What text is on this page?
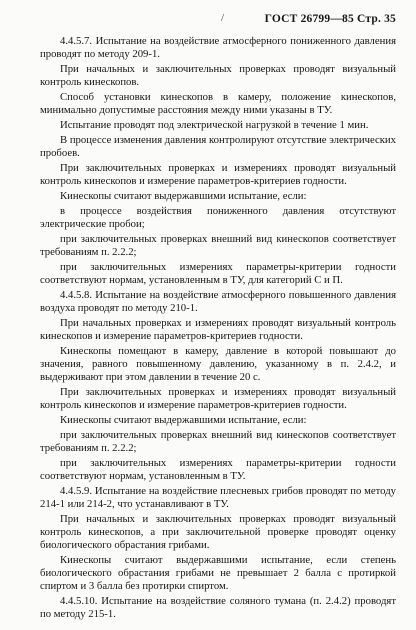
/	ГОСТ 26799—85 Стр. 35

4.4.5.7. Испытание на воздействие атмосферного пониженного давления проводят по методу 209-1.

При начальных и заключительных проверках проводят визуальный контроль кинескопов.

Способ установки кинескопов в камеру, положение кинескопов, минимально допустимые расстояния между ними указаны в ТУ.

Испытание проводят под электрической нагрузкой в течение 1 мин.

В процессе изменения давления контролируют отсутствие электрических пробоев.

При заключительных проверках и измерениях проводят визуальный контроль кинескопов и измерение параметров-критериев годности.

Кинескопы считают выдержавшими испытание, если:

в процессе воздействия пониженного давления отсутствуют электрические пробои;

при заключительных проверках внешний вид кинескопов соответствует требованиям п. 2.2.2;

при заключительных измерениях параметры-критерии годности соответствуют нормам, установленным в ТУ, для категорий С и П.

4.4.5.8. Испытание на воздействие атмосферного повышенного давления воздуха проводят по методу 210-1.

При начальных проверках и измерениях проводят визуальный контроль кинескопов и измерение параметров-критериев годности.

Кинескопы помещают в камеру, давление в которой повышают до значения, равного повышенному давлению, указанному в п. 2.4.2, и выдерживают при этом давлении в течение 20 с.

При заключительных проверках и измерениях проводят визуальный контроль кинескопов и измерение параметров-критериев годности.

Кинескопы считают выдержавшими испытание, если:

при заключительных проверках внешний вид кинескопов соответствует требованиям п. 2.2.2;

при заключительных измерениях параметры-критерии годности соответствуют нормам, установленным в ТУ.

4.4.5.9. Испытание на воздействие плесневых грибов проводят по методу 214-1 или 214-2, что устанавливают в ТУ.

При начальных и заключительных проверках проводят визуальный контроль кинескопов, а при заключительной проверке проводят оценку биологического обрастания грибами.

Кинескопы считают выдержавшими испытание, если степень биологического обрастания грибами не превышает 2 балла с протиркой спиртом и 3 балла без протирки спиртом.

4.4.5.10. Испытание на воздействие соляного тумана (п. 2.4.2) проводят по методу 215-1.
